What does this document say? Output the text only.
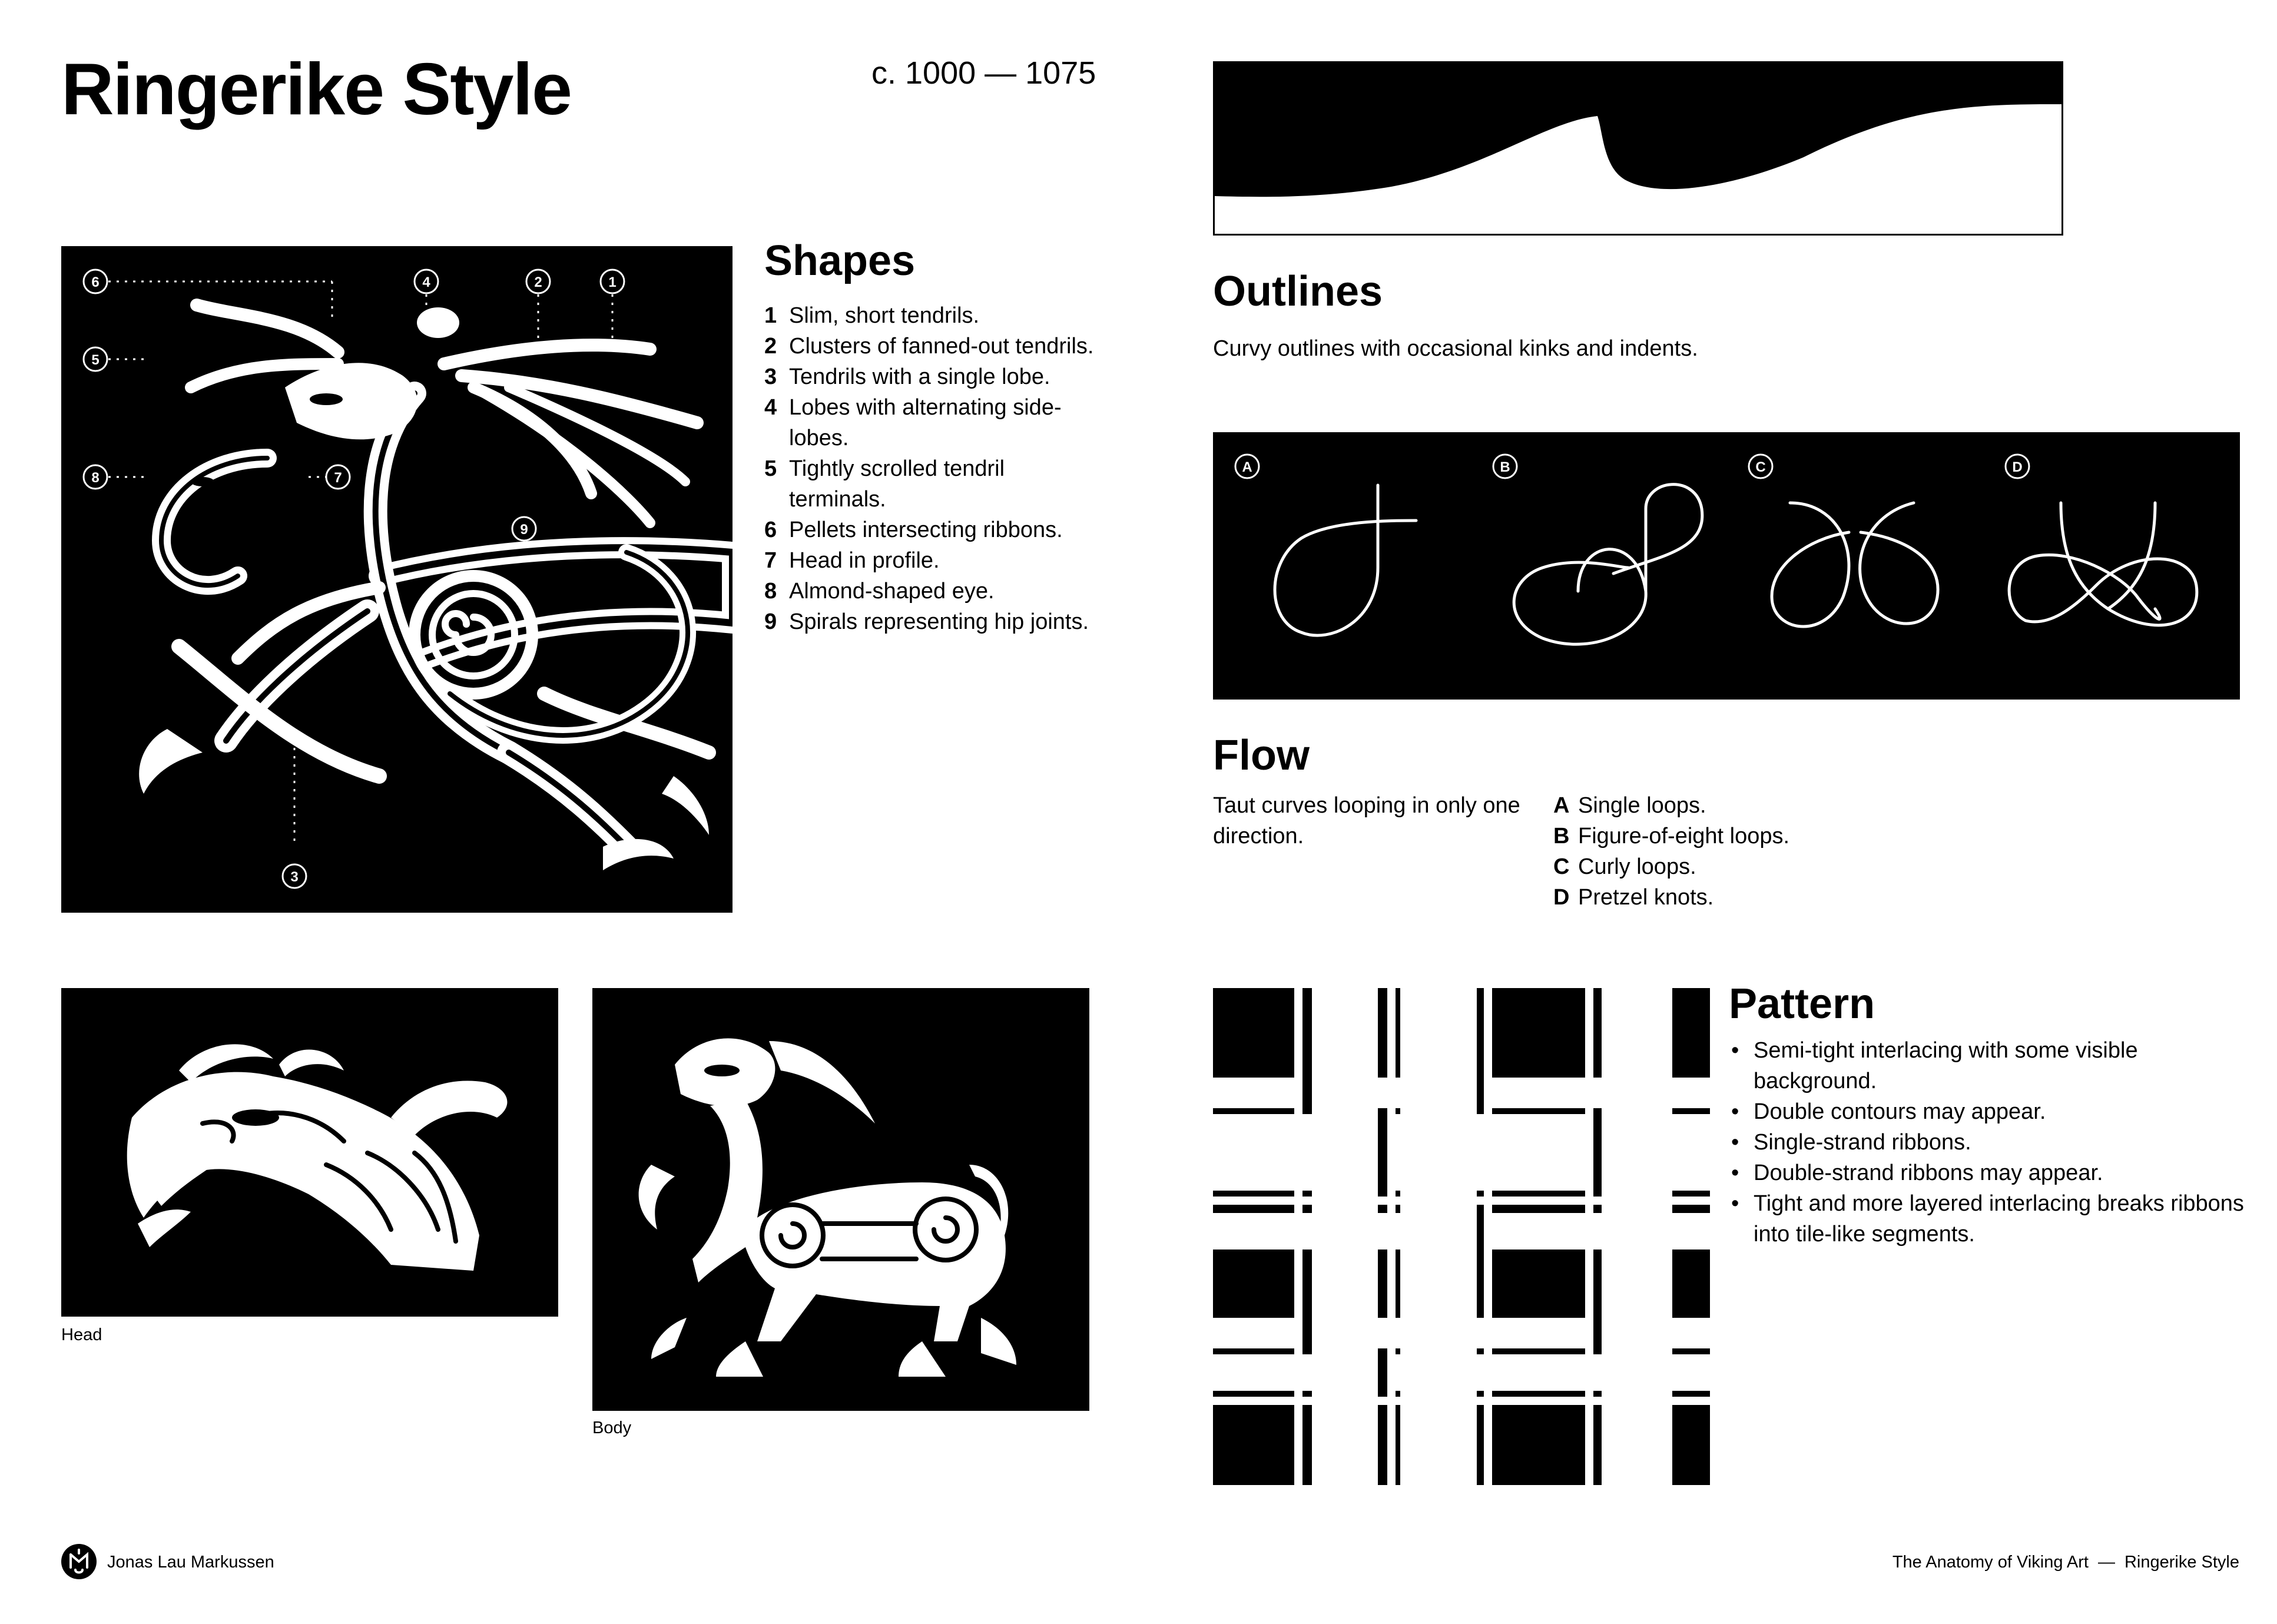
Ringerike Style	c. 1000 — 1075
6	4	2	1
5
8	7
9
3
Shapes
1 Slim, short tendrils.
2 Clusters of fanned-out tendrils.
3 Tendrils with a single lobe.
4 Lobes with alternating side-lobes.
5 Tightly scrolled tendril terminals.
6 Pellets intersecting ribbons.
7 Head in profile.
8 Almond-shaped eye.
9 Spirals representing hip joints.
Outlines
Curvy outlines with occasional kinks and indents.
A	B	C	D
Flow
Taut curves looping in only one direction.
A Single loops.
B Figure-of-eight loops.
C Curly loops.
D Pretzel knots.
Head
Body
Pattern
• Semi-tight interlacing with some visible background.
• Double contours may appear.
• Single-strand ribbons.
• Double-strand ribbons may appear.
• Tight and more layered interlacing breaks ribbons into tile-like segments.
Jonas Lau Markussen	The Anatomy of Viking Art — Ringerike Style
